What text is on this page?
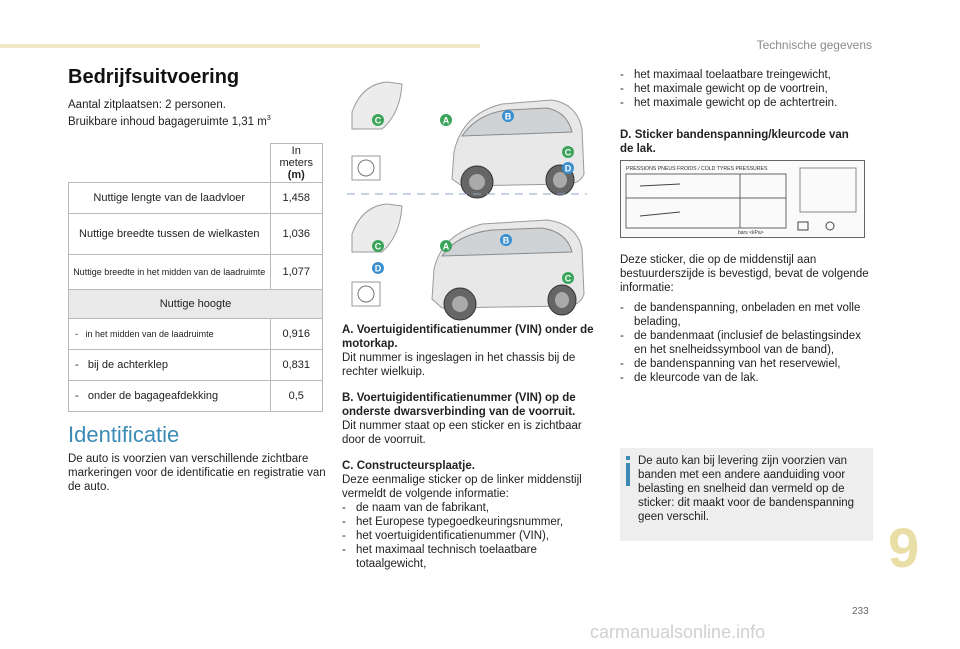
Technische gegevens
Bedrijfsuitvoering
Aantal zitplaatsen: 2 personen.
Bruikbare inhoud bagageruimte 1,31 $m^3$
	In meters
(m)
Nuttige lengte van de laadvloer	1,458
Nuttige breedte tussen de wielkasten	1,036
Nuttige breedte in het midden van de laadruimte	1,077
Nuttige hoogte	
-   in het midden van de laadruimte	0,916
-   bij de achterklep	0,831
-   onder de bagageafdekking	0,5
Identificatie
De auto is voorzien van verschillende zichtbare markeringen voor de identificatie en registratie van de auto.
C	A	B
C
D
C
D
A
B
C
A. Voertuigidentificatienummer (VIN) onder de motorkap.
Dit nummer is ingeslagen in het chassis bij de rechter wielkuip.
B. Voertuigidentificatienummer (VIN) op de onderste dwarsverbinding van de voorruit.
Dit nummer staat op een sticker en is zichtbaar door de voorruit.
C. Constructeursplaatje.
Deze eenmalige sticker op de linker middenstijl vermeldt de volgende informatie:
- de naam van de fabrikant,
- het Europese typegoedkeuringsnummer,
- het voertuigidentificatienummer (VIN),
- het maximaal technisch toelaatbare totaalgewicht,
- het maximaal toelaatbare treingewicht,
- het maximale gewicht op de voortrein,
- het maximale gewicht op de achtertrein.
D. Sticker bandenspanning/kleurcode van de lak.
PRESSIONS PNEUS FROIDS / COLD TYRES PRESSURES
bars <kPa>
Deze sticker, die op de middenstijl aan bestuurderszijde is bevestigd, bevat de volgende informatie:
- de bandenspanning, onbeladen en met volle belading,
- de bandenmaat (inclusief de belastingsindex en het snelheidssymbool van de band),
- de bandenspanning van het reservewiel,
- de kleurcode van de lak.
De auto kan bij levering zijn voorzien van banden met een andere aanduiding voor belasting en snelheid dan vermeld op de sticker: dit maakt voor de bandenspanning geen verschil.	9
233
carmanualsonline.info
